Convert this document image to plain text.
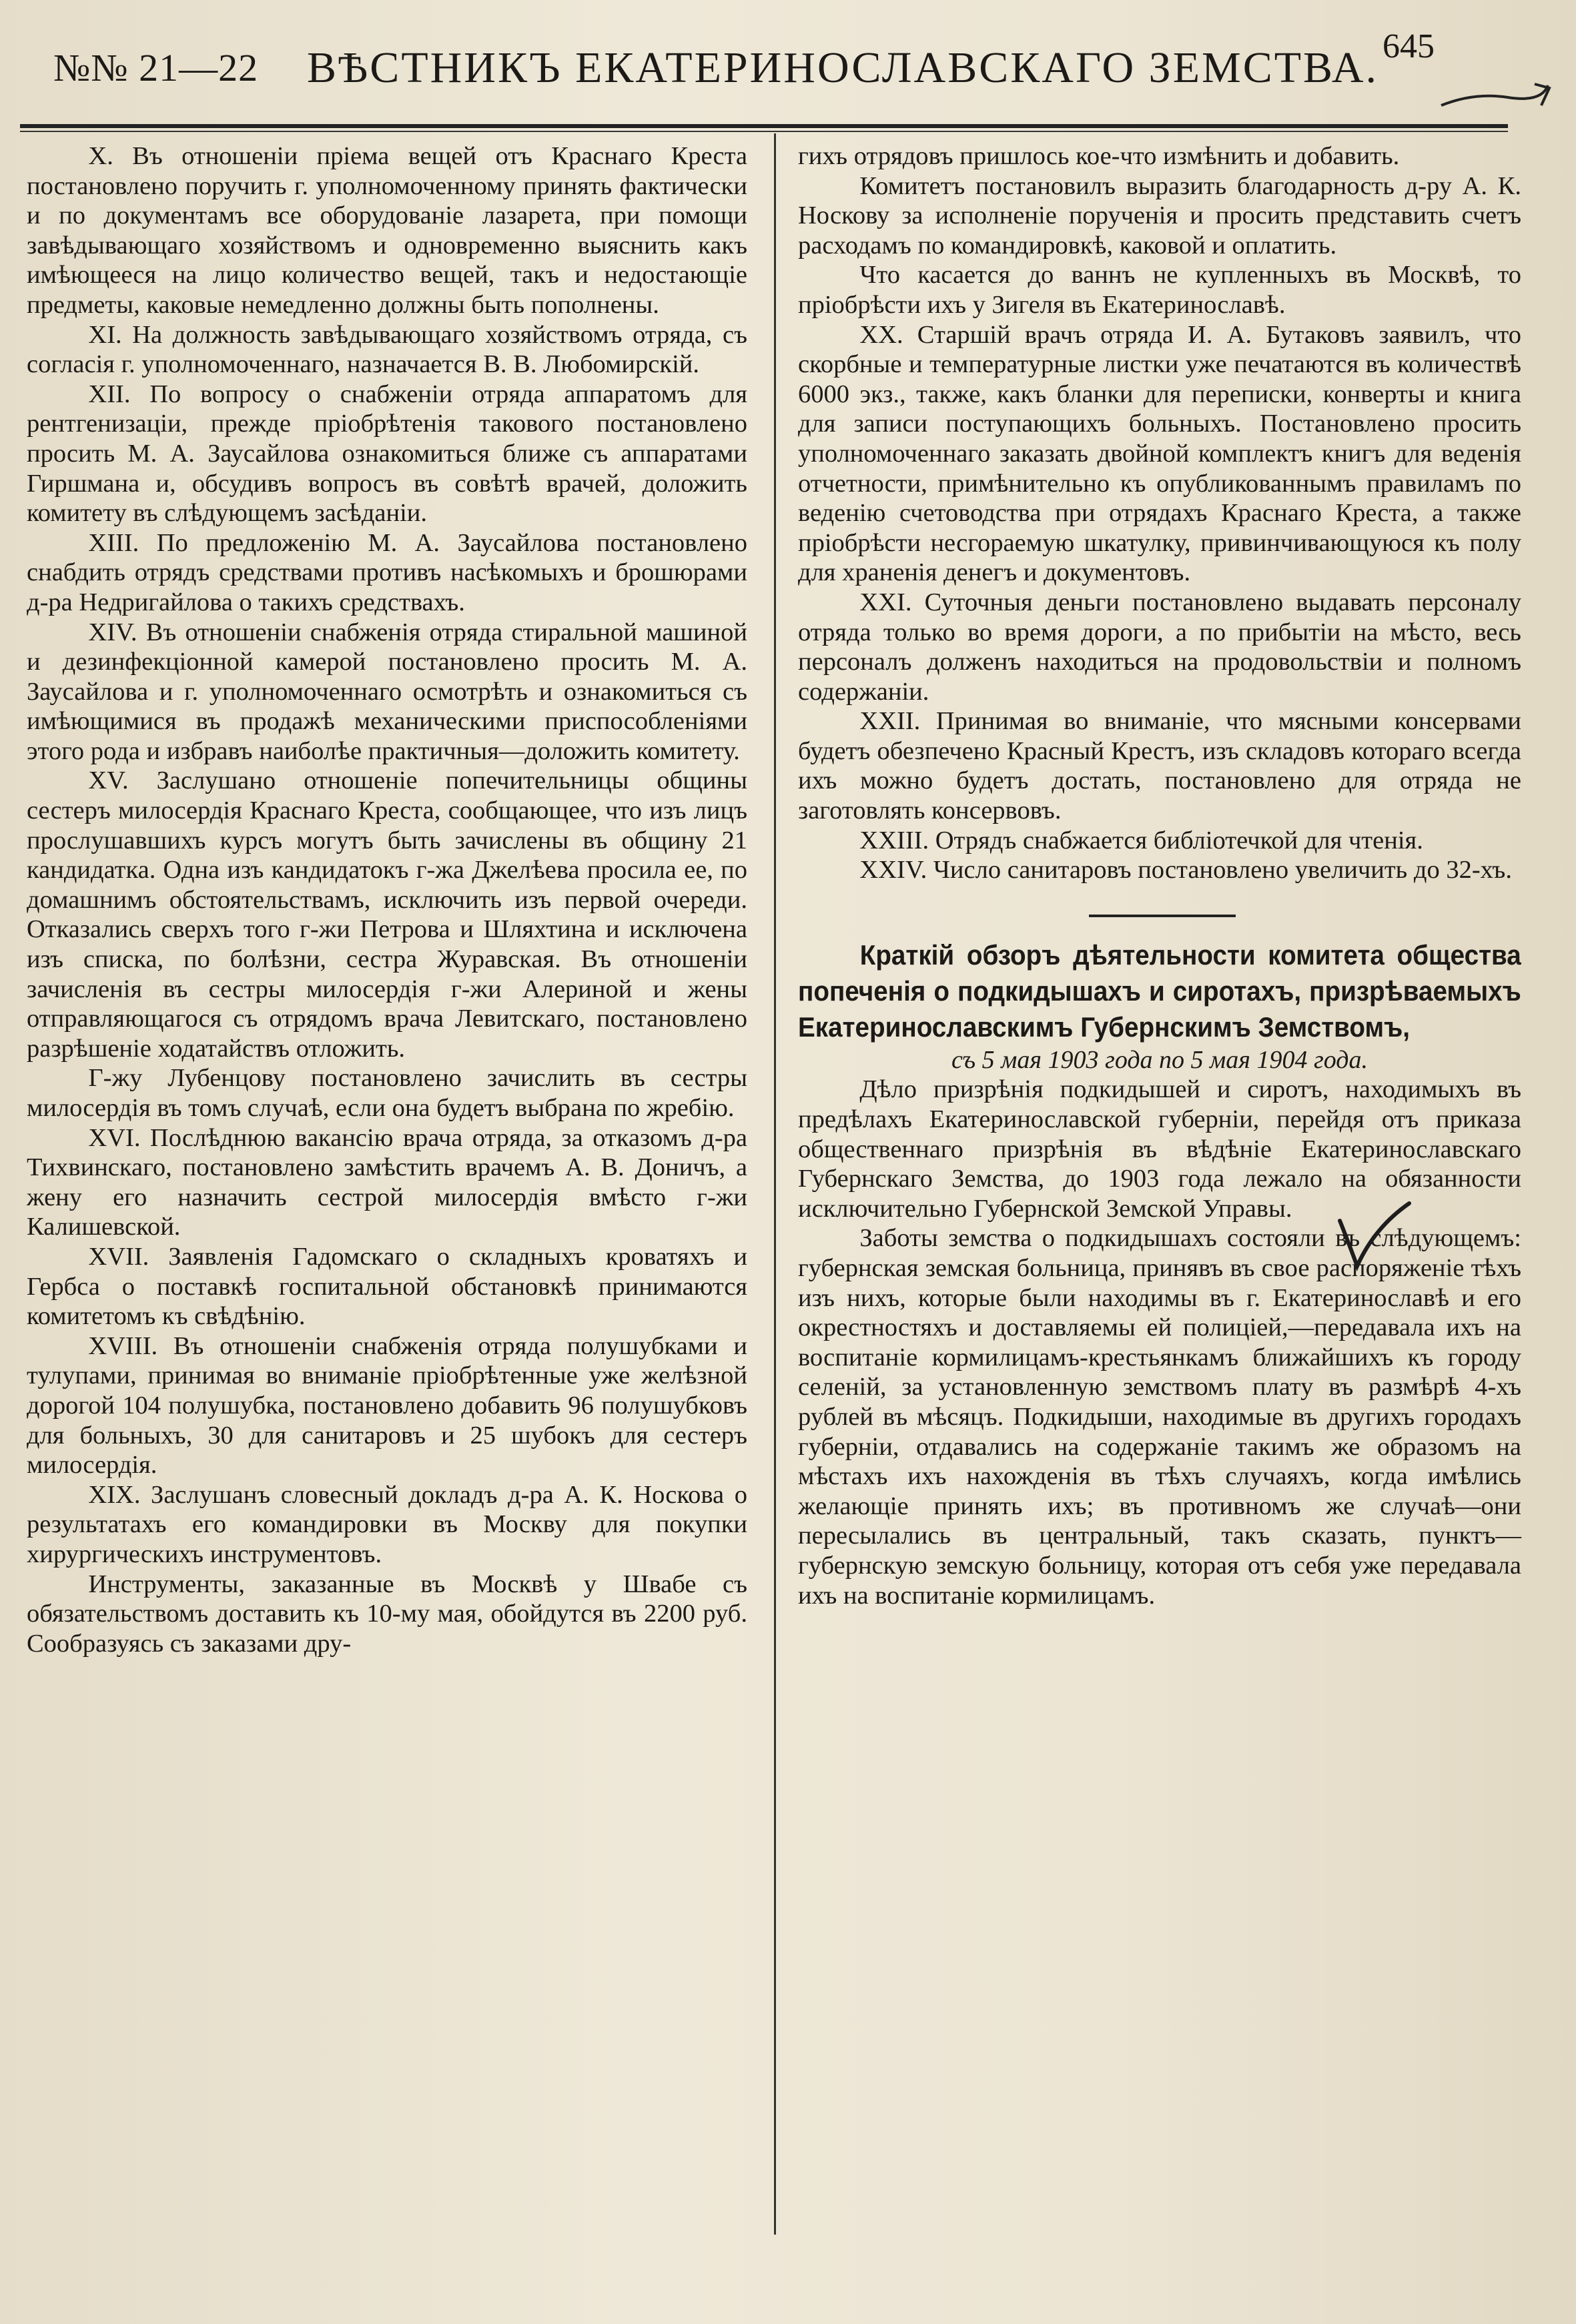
№№ 21—22 ВѢСТНИКЪ ЕКАТЕРИНОСЛАВСКАГО ЗЕМСТВА. 645

X. Въ отношеніи пріема вещей отъ Краснаго Креста постановлено поручить г. уполномоченному принять фактически и по документамъ все оборудованіе лазарета, при помощи завѣдывающаго хозяйствомъ и одновременно выяснить какъ имѣющееся на лицо количество вещей, такъ и недостающіе предметы, каковые немедленно должны быть пополнены.

XI. На должность завѣдывающаго хозяйствомъ отряда, съ согласія г. уполномоченнаго, назначается В. В. Любомирскій.

XII. По вопросу о снабженіи отряда аппаратомъ для рентгенизаціи, прежде пріобрѣтенія такового постановлено просить М. А. Заусайлова ознакомиться ближе съ аппаратами Гиршмана и, обсудивъ вопросъ въ совѣтѣ врачей, доложить комитету въ слѣдующемъ засѣданіи.

XIII. По предложенію М. А. Заусайлова постановлено снабдить отрядъ средствами противъ насѣкомыхъ и брошюрами д-ра Недригайлова о такихъ средствахъ.

XIV. Въ отношеніи снабженія отряда стиральной машиной и дезинфекціонной камерой постановлено просить М. А. Заусайлова и г. уполномоченнаго осмотрѣть и ознакомиться съ имѣющимися въ продажѣ механическими приспособленіями этого рода и избравъ наиболѣе практичныя—доложить комитету.

XV. Заслушано отношеніе попечительницы общины сестеръ милосердія Краснаго Креста, сообщающее, что изъ лицъ прослушавшихъ курсъ могутъ быть зачислены въ общину 21 кандидатка. Одна изъ кандидатокъ г-жа Джелѣева просила ее, по домашнимъ обстоятельствамъ, исключить изъ первой очереди. Отказались сверхъ того г-жи Петрова и Шляхтина и исключена изъ списка, по болѣзни, сестра Журавская. Въ отношеніи зачисленія въ сестры милосердія г-жи Алериной и жены отправляющагося съ отрядомъ врача Левитскаго, постановлено разрѣшеніе ходатайствъ отложить.

Г-жу Лубенцову постановлено зачислить въ сестры милосердія въ томъ случаѣ, если она будетъ выбрана по жребію.

XVI. Послѣднюю вакансію врача отряда, за отказомъ д-ра Тихвинскаго, постановлено замѣстить врачемъ А. В. Доничъ, а жену его назначить сестрой милосердія вмѣсто г-жи Калишевской.

XVII. Заявленія Гадомскаго о складныхъ кроватяхъ и Гербса о поставкѣ госпитальной обстановкѣ принимаются комитетомъ къ свѣдѣнію.

XVIII. Въ отношеніи снабженія отряда полушубками и тулупами, принимая во вниманіе пріобрѣтенные уже желѣзной дорогой 104 полушубка, постановлено добавить 96 полушубковъ для больныхъ, 30 для санитаровъ и 25 шубокъ для сестеръ милосердія.

XIX. Заслушанъ словесный докладъ д-ра А. К. Носкова о результатахъ его командировки въ Москву для покупки хирургическихъ инструментовъ.

Инструменты, заказанные въ Москвѣ у Швабе съ обязательствомъ доставить къ 10-му мая, обойдутся въ 2200 руб. Сообразуясь съ заказами дру-

гихъ отрядовъ пришлось кое-что измѣнить и добавить.

Комитетъ постановилъ выразить благодарность д-ру А. К. Носкову за исполненіе порученія и просить представить счетъ расходамъ по командировкѣ, каковой и оплатить.

Что касается до ваннъ не купленныхъ въ Москвѣ, то пріобрѣсти ихъ у Зигеля въ Екатеринославѣ.

XX. Старшій врачъ отряда И. А. Бутаковъ заявилъ, что скорбные и температурные листки уже печатаются въ количествѣ 6000 экз., также, какъ бланки для переписки, конверты и книга для записи поступающихъ больныхъ. Постановлено просить уполномоченнаго заказать двойной комплектъ книгъ для веденія отчетности, примѣнительно къ опубликованнымъ правиламъ по веденію счетоводства при отрядахъ Краснаго Креста, а также пріобрѣсти несгораемую шкатулку, привинчивающуюся къ полу для храненія денегъ и документовъ.

XXI. Суточныя деньги постановлено выдавать персоналу отряда только во время дороги, а по прибытіи на мѣсто, весь персоналъ долженъ находиться на продовольствіи и полномъ содержаніи.

XXII. Принимая во вниманіе, что мясными консервами будетъ обезпечено Красный Крестъ, изъ складовъ котораго всегда ихъ можно будетъ достать, постановлено для отряда не заготовлять консервовъ.

XXIII. Отрядъ снабжается библіотечкой для чтенія.

XXIV. Число санитаровъ постановлено увеличить до 32-хъ.

Краткій обзоръ дѣятельности комитета общества попеченія о подкидышахъ и сиротахъ, призрѣваемыхъ Екатеринославскимъ Губернскимъ Земствомъ,

съ 5 мая 1903 года по 5 мая 1904 года.

Дѣло призрѣнія подкидышей и сиротъ, находимыхъ въ предѣлахъ Екатеринославской губерніи, перейдя отъ приказа общественнаго призрѣнія въ вѣдѣніе Екатеринославскаго Губернскаго Земства, до 1903 года лежало на обязанности исключительно Губернской Земской Управы.

Заботы земства о подкидышахъ состояли въ слѣдующемъ: губернская земская больница, принявъ въ свое распоряженіе тѣхъ изъ нихъ, которые были находимы въ г. Екатеринославѣ и его окрестностяхъ и доставляемы ей полиціей,—передавала ихъ на воспитаніе кормилицамъ-крестьянкамъ ближайшихъ къ городу селеній, за установленную земствомъ плату въ размѣрѣ 4-хъ рублей въ мѣсяцъ. Подкидыши, находимые въ другихъ городахъ губерніи, отдавались на содержаніе такимъ же образомъ на мѣстахъ ихъ нахожденія въ тѣхъ случаяхъ, когда имѣлись желающіе принять ихъ; въ противномъ же случаѣ—они пересылались въ центральный, такъ сказать, пунктъ—губернскую земскую больницу, которая отъ себя уже передавала ихъ на воспитаніе кормилицамъ.
